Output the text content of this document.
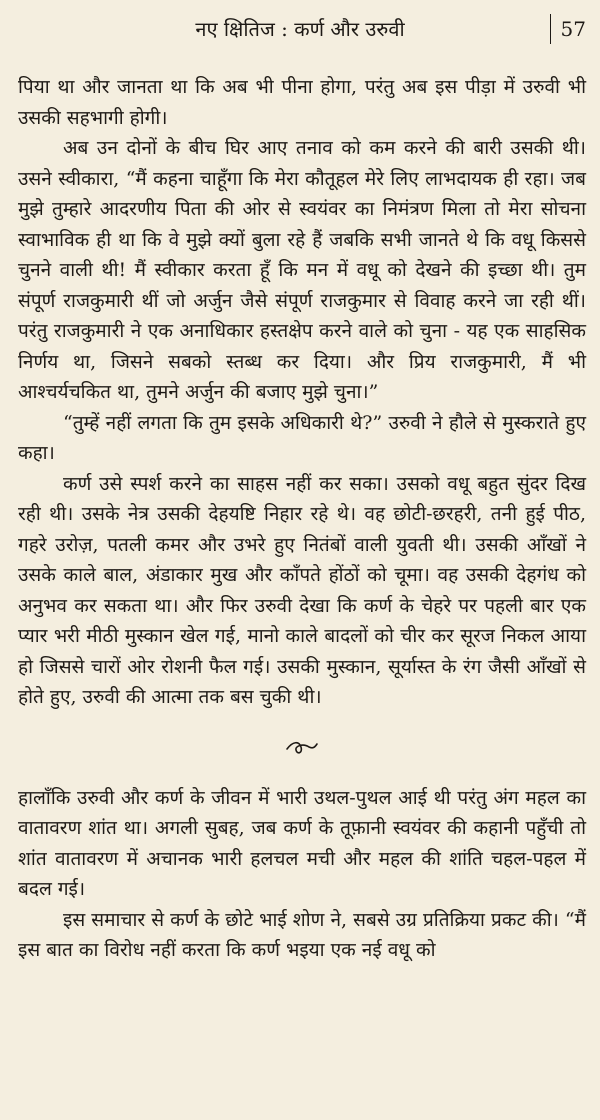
नए क्षितिज : कर्ण और उरुवी	57

पिया था और जानता था कि अब भी पीना होगा, परंतु अब इस पीड़ा में उरुवी भी उसकी सहभागी होगी।

अब उन दोनों के बीच घिर आए तनाव को कम करने की बारी उसकी थी। उसने स्वीकारा, “मैं कहना चाहूँगा कि मेरा कौतूहल मेरे लिए लाभदायक ही रहा। जब मुझे तुम्हारे आदरणीय पिता की ओर से स्वयंवर का निमंत्रण मिला तो मेरा सोचना स्वाभाविक ही था कि वे मुझे क्यों बुला रहे हैं जबकि सभी जानते थे कि वधू किससे चुनने वाली थी! मैं स्वीकार करता हूँ कि मन में वधू को देखने की इच्छा थी। तुम संपूर्ण राजकुमारी थीं जो अर्जुन जैसे संपूर्ण राजकुमार से विवाह करने जा रही थीं। परंतु राजकुमारी ने एक अनाधिकार हस्तक्षेप करने वाले को चुना - यह एक साहसिक निर्णय था, जिसने सबको स्तब्ध कर दिया। और प्रिय राजकुमारी, मैं भी आश्चर्यचकित था, तुमने अर्जुन की बजाए मुझे चुना।”

“तुम्हें नहीं लगता कि तुम इसके अधिकारी थे?” उरुवी ने हौले से मुस्कराते हुए कहा।

कर्ण उसे स्पर्श करने का साहस नहीं कर सका। उसको वधू बहुत सुंदर दिख रही थी। उसके नेत्र उसकी देहयष्टि निहार रहे थे। वह छोटी-छरहरी, तनी हुई पीठ, गहरे उरोज़, पतली कमर और उभरे हुए नितंबों वाली युवती थी। उसकी आँखों ने उसके काले बाल, अंडाकार मुख और काँपते होंठों को चूमा। वह उसकी देहगंध को अनुभव कर सकता था। और फिर उरुवी देखा कि कर्ण के चेहरे पर पहली बार एक प्यार भरी मीठी मुस्कान खेल गई, मानो काले बादलों को चीर कर सूरज निकल आया हो जिससे चारों ओर रोशनी फैल गई। उसकी मुस्कान, सूर्यास्त के रंग जैसी आँखों से होते हुए, उरुवी की आत्मा तक बस चुकी थी।

हालाँकि उरुवी और कर्ण के जीवन में भारी उथल-पुथल आई थी परंतु अंग महल का वातावरण शांत था। अगली सुबह, जब कर्ण के तूफ़ानी स्वयंवर की कहानी पहुँची तो शांत वातावरण में अचानक भारी हलचल मची और महल की शांति चहल-पहल में बदल गई।

इस समाचार से कर्ण के छोटे भाई शोण ने, सबसे उग्र प्रतिक्रिया प्रकट की। “मैं इस बात का विरोध नहीं करता कि कर्ण भइया एक नई वधू को
